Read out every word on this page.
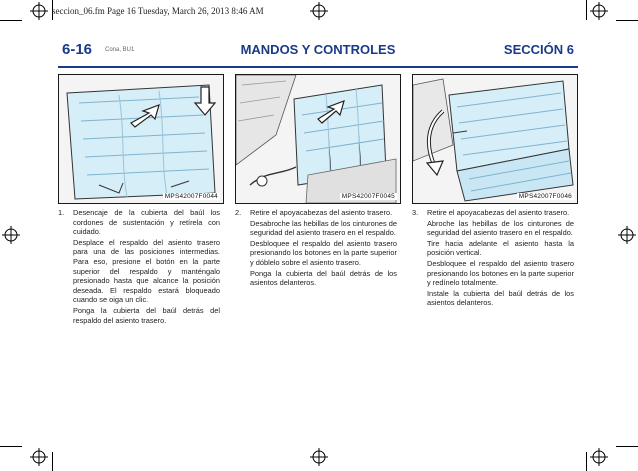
seccion_06.fm Page 16 Tuesday, March 26, 2013 8:46 AM
6-16 Cona, BU1	MANDOS Y CONTROLES	SECCIÓN 6
MPS42007F0044	MPS42007F0045	MPS42007F0046
1. Desencaje de la cubierta del baúl los cordones de sustentación y retírela con cuidado.

Desplace el respaldo del asiento trasero para una de las posiciones intermedias. Para eso, presione el botón en la parte superior del respaldo y manténgalo presionado hasta que alcance la posición deseada. El respaldo estará bloqueado cuando se oiga un clic.

Ponga la cubierta del baúl detrás del respaldo del asiento trasero.

2. Retire el apoyacabezas del asiento trasero.

Desabroche las hebillas de los cinturones de seguridad del asiento trasero en el respaldo.

Desbloquee el respaldo del asiento trasero presionando los botones en la parte superior y dóblelo sobre el asiento trasero.

Ponga la cubierta del baúl detrás de los asientos delanteros.

3. Retire el apoyacabezas del asiento trasero.

Abroche las hebillas de los cinturones de seguridad del asiento trasero en el respaldo.

Tire hacia adelante el asiento hasta la posición vertical.

Desbloquee el respaldo del asiento trasero presionando los botones en la parte superior y redínelo totalmente.

Instale la cubierta del baúl detrás de los asientos delanteros.
